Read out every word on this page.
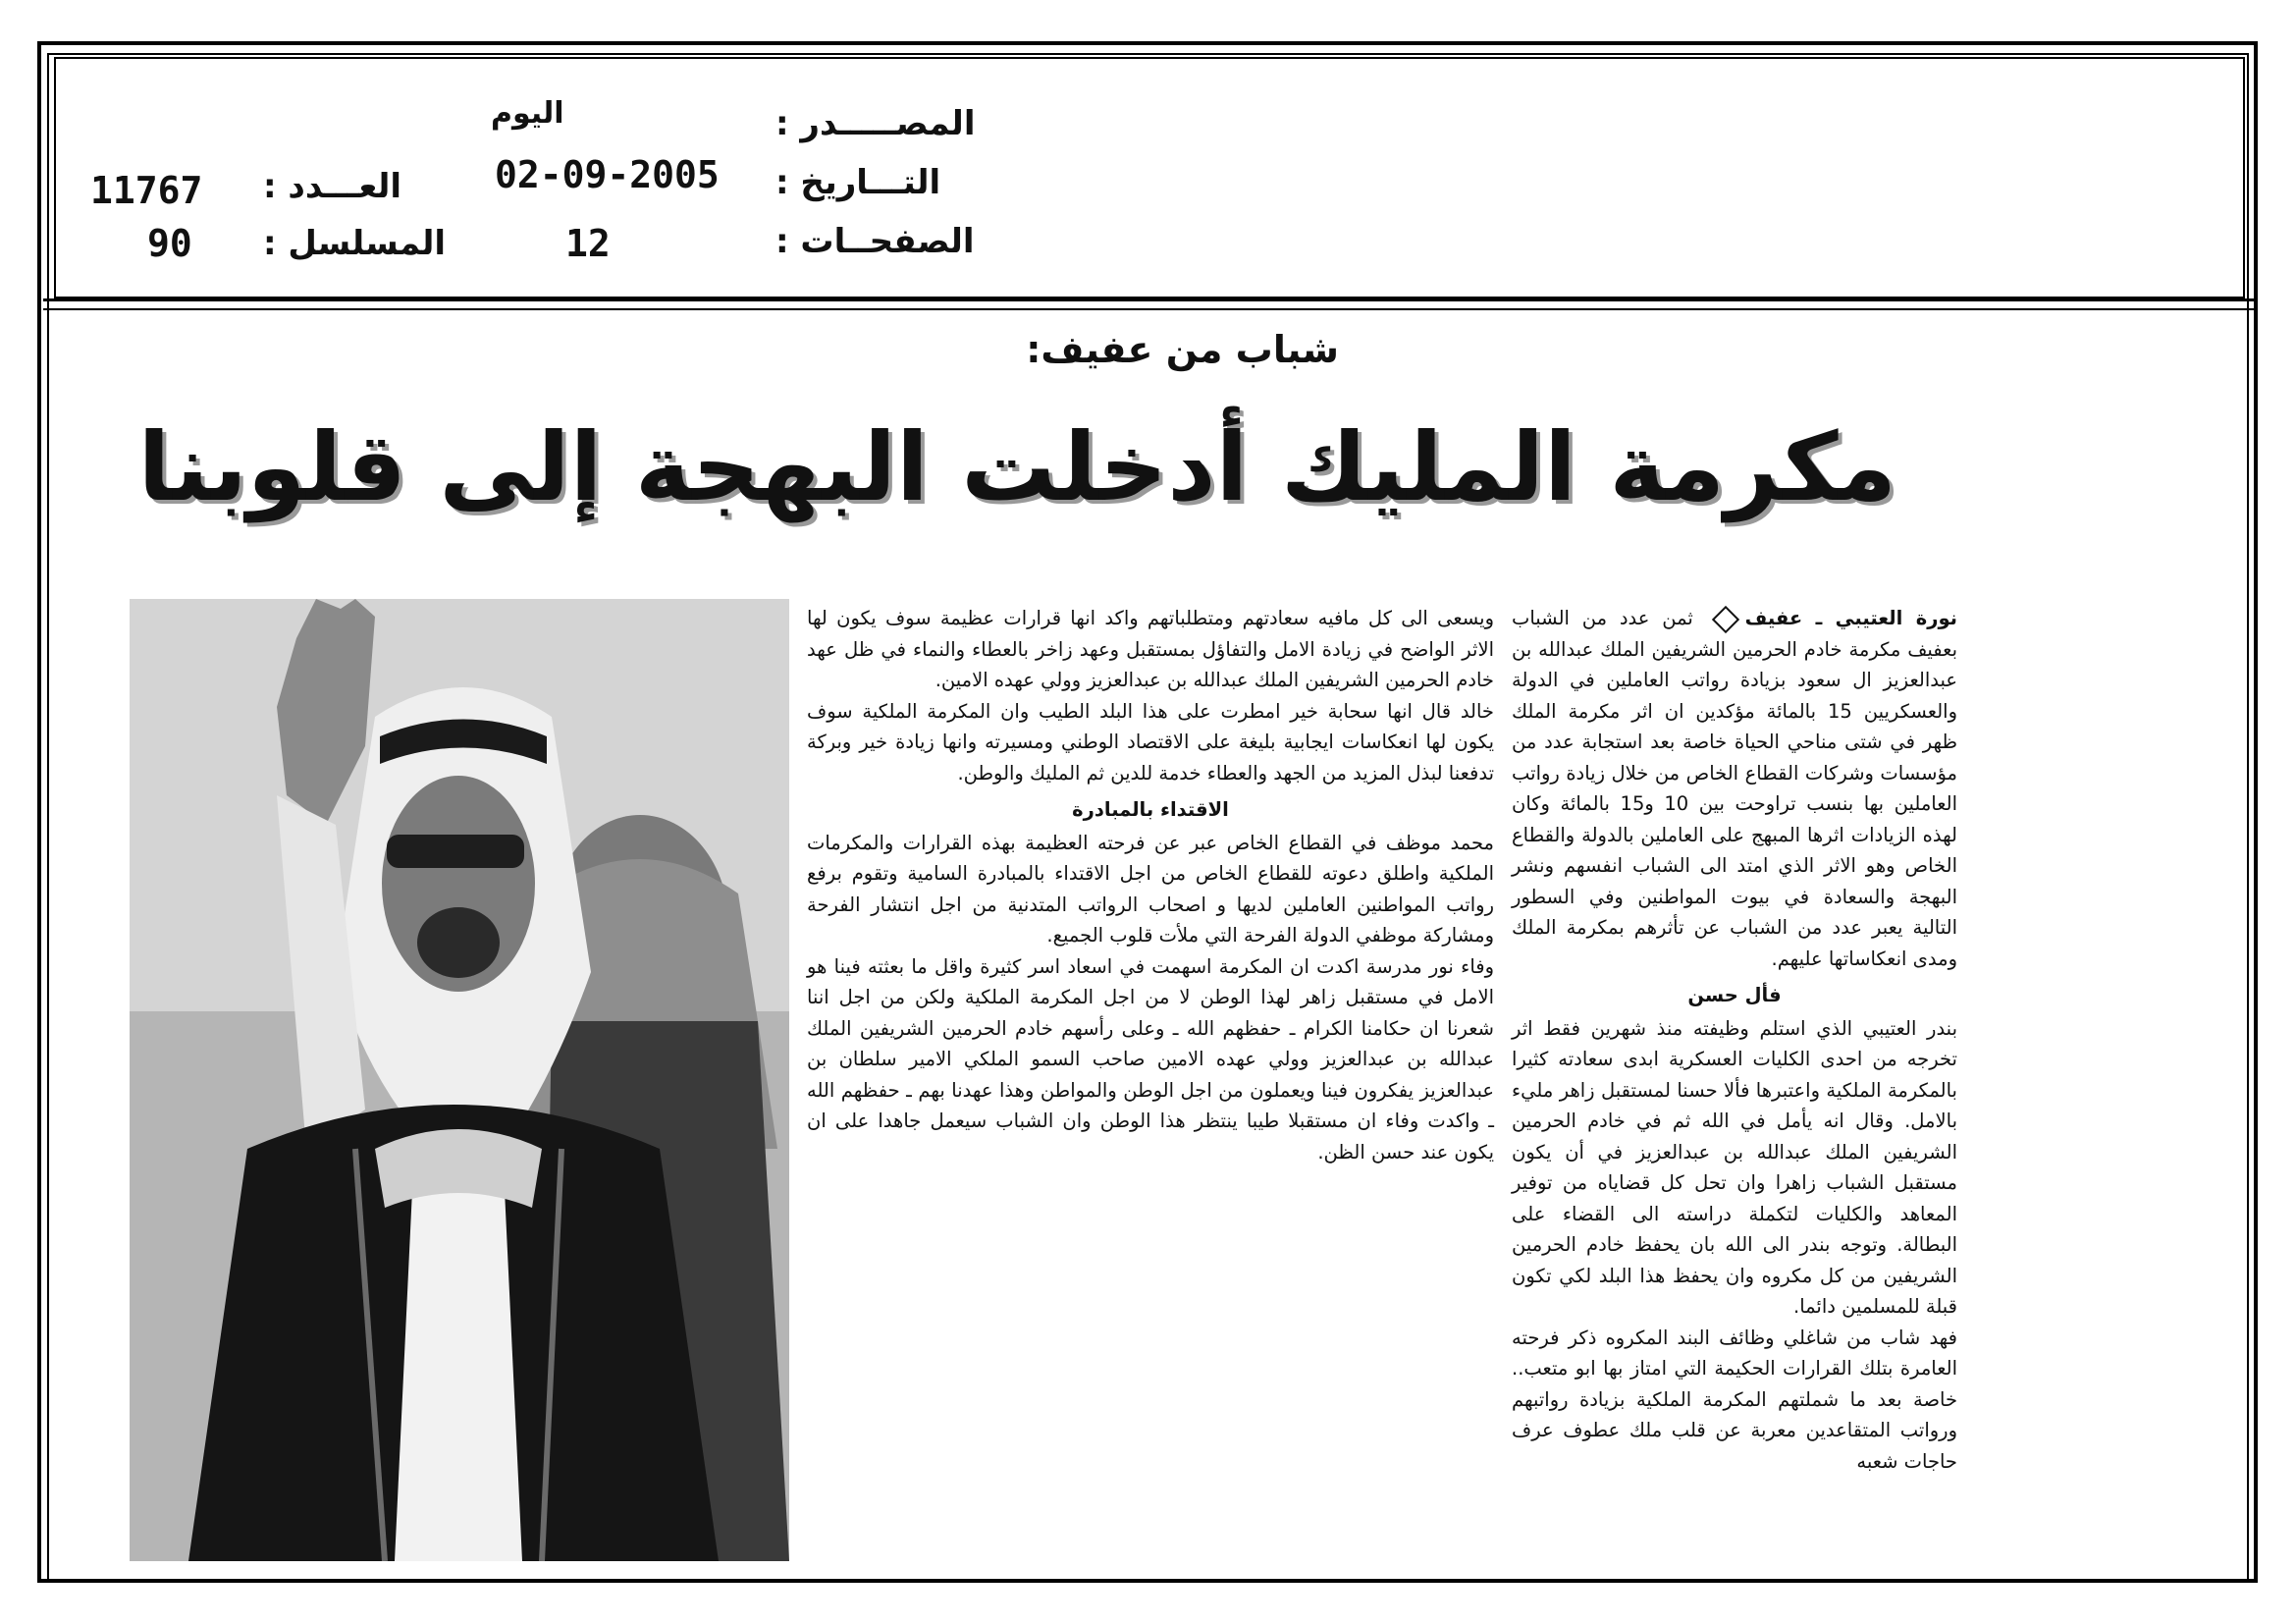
اليوم	المصـــــدر :
02-09-2005 التـــاريخ :
12	الصفحــات :
11767 العـــدد :
90 المسلسل :
شباب من عفيف:
مكرمة المليك أدخلت البهجة إلى قلوبنا

ويسعى الى كل مافيه سعادتهم ومتطلباتهم واكد انها قرارات عظيمة سوف يكون لها الاثر الواضح في زيادة الامل والتفاؤل بمستقبل وعهد زاخر بالعطاء والنماء في ظل عهد خادم الحرمين الشريفين الملك عبدالله بن عبدالعزيز وولي عهده الامين.

خالد قال انها سحابة خير امطرت على هذا البلد الطيب وان المكرمة الملكية سوف يكون لها انعكاسات ايجابية بليغة على الاقتصاد الوطني ومسيرته وانها زيادة خير وبركة تدفعنا لبذل المزيد من الجهد والعطاء خدمة للدين ثم المليك والوطن.

الاقتداء بالمبادرة

محمد موظف في القطاع الخاص عبر عن فرحته العظيمة بهذه القرارات والمكرمات الملكية واطلق دعوته للقطاع الخاص من اجل الاقتداء بالمبادرة السامية وتقوم برفع رواتب المواطنين العاملين لديها و اصحاب الرواتب المتدنية من اجل انتشار الفرحة ومشاركة موظفي الدولة الفرحة التي ملأت قلوب الجميع.

وفاء نور مدرسة اكدت ان المكرمة اسهمت في اسعاد اسر كثيرة واقل ما بعثته فينا هو الامل في مستقبل زاهر لهذا الوطن لا من اجل المكرمة الملكية ولكن من اجل اننا شعرنا ان حكامنا الكرام ـ حفظهم الله ـ وعلى رأسهم خادم الحرمين الشريفين الملك عبدالله بن عبدالعزيز وولي عهده الامين صاحب السمو الملكي الامير سلطان بن عبدالعزيز يفكرون فينا ويعملون من اجل الوطن والمواطن وهذا عهدنا بهم ـ حفظهم الله ـ واكدت وفاء ان مستقبلا طيبا ينتظر هذا الوطن وان الشباب سيعمل جاهدا على ان يكون عند حسن الظن.

نورة العتيبي ـ عفيف ثمن عدد من الشباب بعفيف مكرمة خادم الحرمين الشريفين الملك عبدالله بن عبدالعزيز ال سعود بزيادة رواتب العاملين في الدولة والعسكريين 15 بالمائة مؤكدين ان اثر مكرمة الملك ظهر في شتى مناحي الحياة خاصة بعد استجابة عدد من مؤسسات وشركات القطاع الخاص من خلال زيادة رواتب العاملين بها بنسب تراوحت بين 10 و15 بالمائة وكان لهذه الزيادات اثرها المبهج على العاملين بالدولة والقطاع الخاص وهو الاثر الذي امتد الى الشباب انفسهم ونشر البهجة والسعادة في بيوت المواطنين وفي السطور التالية يعبر عدد من الشباب عن تأثرهم بمكرمة الملك ومدى انعكاساتها عليهم.

فأل حسن

بندر العتيبي الذي استلم وظيفته منذ شهرين فقط اثر تخرجه من احدى الكليات العسكرية ابدى سعادته كثيرا بالمكرمة الملكية واعتبرها فألا حسنا لمستقبل زاهر مليء بالامل. وقال انه يأمل في الله ثم في خادم الحرمين الشريفين الملك عبدالله بن عبدالعزيز في أن يكون مستقبل الشباب زاهرا وان تحل كل قضاياه من توفير المعاهد والكليات لتكملة دراسته الى القضاء على البطالة. وتوجه بندر الى الله بان يحفظ خادم الحرمين الشريفين من كل مكروه وان يحفظ هذا البلد لكي تكون قبلة للمسلمين دائما.

فهد شاب من شاغلي وظائف البند المكروه ذكر فرحته العامرة بتلك القرارات الحكيمة التي امتاز بها ابو متعب.. خاصة بعد ما شملتهم المكرمة الملكية بزيادة رواتبهم ورواتب المتقاعدين معربة عن قلب ملك عطوف عرف حاجات شعبه
